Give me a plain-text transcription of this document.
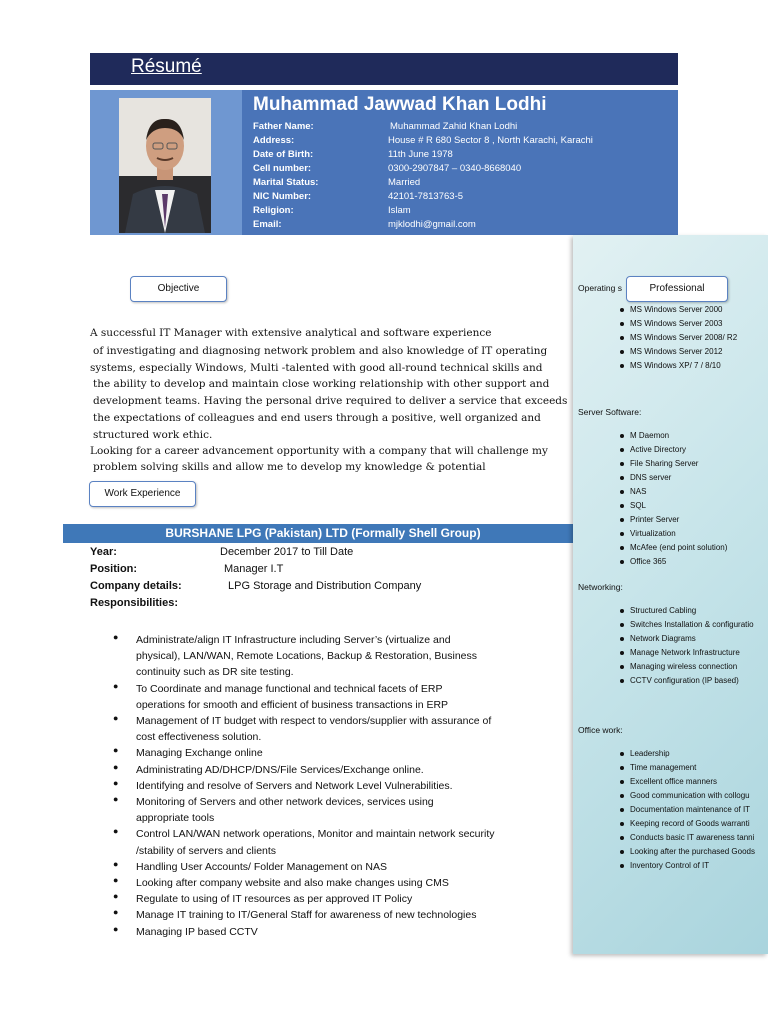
Résumé
Muhammad Jawwad Khan Lodhi
Father Name:	Muhammad Zahid Khan Lodhi
Address:	House # R 680 Sector 8 , North Karachi, Karachi
Date of Birth:	11th June 1978
Cell number:	0300-2907847 – 0340-8668040
Marital Status:	Married
NIC Number:	42101-7813763-5
Religion:	Islam
Email:	mjklodhi@gmail.com
Objective
A successful IT Manager with extensive analytical and software experience
of investigating and diagnosing network problem and also knowledge of IT operating
systems, especially Windows, Multi -talented with good all-round technical skills and
the ability to develop and maintain close working relationship with other support and
development teams. Having the personal drive required to deliver a service that exceeds
the expectations of colleagues and end users through a positive, well organized and
structured work ethic.
Looking for a career advancement opportunity with a company that will challenge my
problem solving skills and allow me to develop my knowledge & potential
Work Experience
BURSHANE LPG (Pakistan) LTD (Formally Shell Group)
Year:	December 2017 to Till Date
Position:	Manager I.T
Company details:	LPG Storage and Distribution Company
Responsibilities:
● Administrate/align IT Infrastructure including Server’s (virtualize and
physical), LAN/WAN, Remote Locations, Backup & Restoration, Business
continuity such as DR site testing.
● To Coordinate and manage functional and technical facets of ERP
operations for smooth and efficient of business transactions in ERP
● Management of IT budget with respect to vendors/supplier with assurance of
cost effectiveness solution.
● Managing Exchange online
● Administrating AD/DHCP/DNS/File Services/Exchange online.
● Identifying and resolve of Servers and Network Level Vulnerabilities.
● Monitoring of Servers and other network devices, services using
appropriate tools
● Control LAN/WAN network operations, Monitor and maintain network security
/stability of servers and clients
● Handling User Accounts/ Folder Management on NAS
● Looking after company website and also make changes using CMS
● Regulate to using of IT resources as per approved IT Policy
● Manage IT training to IT/General Staff for awareness of new technologies
● Managing IP based CCTV
Operating s
MS Windows Server 2000
MS Windows Server 2003
MS Windows Server 2008/ R2
MS Windows Server 2012
MS Windows XP/ 7 / 8/10
Server Software:
M Daemon
Active Directory
File Sharing Server
DNS server
NAS
SQL
Printer Server
Virtualization
McAfee (end point solution)
Office 365
Networking:
Structured Cabling
Switches Installation & configuratio
Network Diagrams
Manage Network Infrastructure
Managing wireless connection
CCTV configuration (IP based)
Office work:
Leadership
Time management
Excellent office manners
Good communication with collogu
Documentation maintenance of IT
Keeping record of Goods warranti
Conducts basic IT awareness tanni
Looking after the purchased Goods
Inventory Control of IT
Professional
